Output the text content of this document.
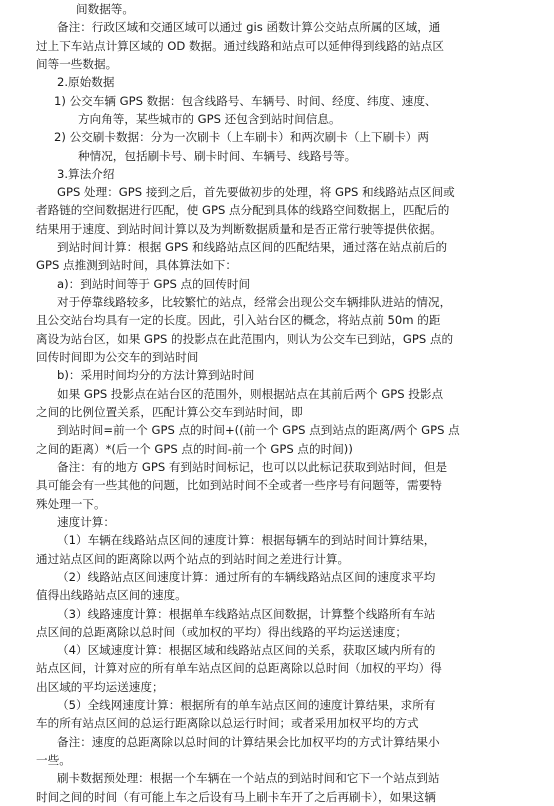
间数据等。
备注：行政区域和交通区域可以通过 gis 函数计算公交站点所属的区域，通
过上下车站点计算区域的 OD 数据。通过线路和站点可以延伸得到线路的站点区
间等一些数据。
2.原始数据
1) 公交车辆 GPS 数据：包含线路号、车辆号、时间、经度、纬度、速度、
方向角等，某些城市的 GPS 还包含到站时间信息。
2) 公交刷卡数据：分为一次刷卡（上车刷卡）和两次刷卡（上下刷卡）两
种情况，包括刷卡号、刷卡时间、车辆号、线路号等。
3.算法介绍
GPS 处理：GPS 接到之后，首先要做初步的处理，将 GPS 和线路站点区间或
者路链的空间数据进行匹配，使 GPS 点分配到具体的线路空间数据上，匹配后的
结果用于速度、到站时间计算以及为判断数据质量和是否正常行驶等提供依据。
到站时间计算：根据 GPS 和线路站点区间的匹配结果，通过落在站点前后的
GPS 点推测到站时间，具体算法如下：
a)：到站时间等于 GPS 点的回传时间
对于停靠线路较多，比较繁忙的站点，经常会出现公交车辆排队进站的情况，
且公交站台均具有一定的长度。因此，引入站台区的概念，将站点前 50m 的距
离设为站台区，如果 GPS 的投影点在此范围内，则认为公交车已到站，GPS 点的
回传时间即为公交车的到站时间
b)：采用时间均分的方法计算到站时间
如果 GPS 投影点在站台区的范围外，则根据站点在其前后两个 GPS 投影点
之间的比例位置关系，匹配计算公交车到站时间，即
到站时间=前一个 GPS 点的时间+((前一个 GPS 点到站点的距离/两个 GPS 点
之间的距离）*(后一个 GPS 点的时间-前一个 GPS 点的时间))
备注：有的地方 GPS 有到站时间标记，也可以以此标记获取到站时间，但是
具可能会有一些其他的问题，比如到站时间不全或者一些序号有问题等，需要特
殊处理一下。
速度计算：
（1）车辆在线路站点区间的速度计算：根据每辆车的到站时间计算结果，
通过站点区间的距离除以两个站点的到站时间之差进行计算。
（2）线路站点区间速度计算：通过所有的车辆线路站点区间的速度求平均
值得出线路站点区间的速度。
（3）线路速度计算：根据单车线路站点区间数据，计算整个线路所有车站
点区间的总距离除以总时间（或加权的平均）得出线路的平均运送速度；
（4）区域速度计算：根据区域和线路站点区间的关系，获取区域内所有的
站点区间，计算对应的所有单车站点区间的总距离除以总时间（加权的平均）得
出区域的平均运送速度；
（5）全线网速度计算：根据所有的单车站点区间的速度计算结果，求所有
车的所有站点区间的总运行距离除以总运行时间；或者采用加权平均的方式
备注：速度的总距离除以总时间的计算结果会比加权平均的方式计算结果小
一些。
刷卡数据预处理：根据一个车辆在一个站点的到站时间和它下一个站点到站
时间之间的时间（有可能上车之后设有马上刷卡车开了之后再刷卡），如果这辆
